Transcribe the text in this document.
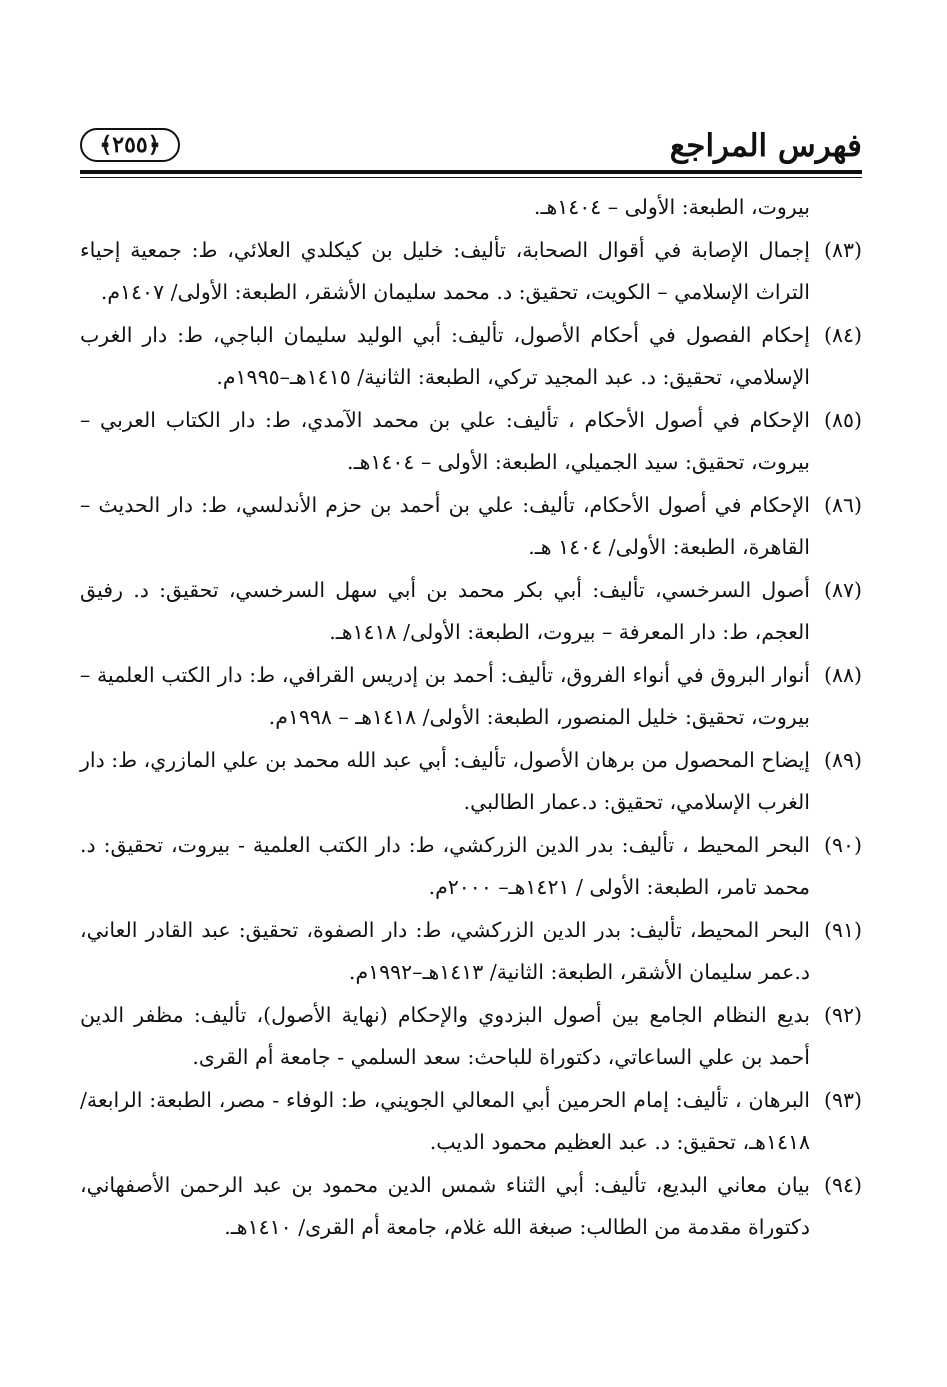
فهرس المراجع
﴿٢٥٥﴾
بيروت، الطبعة: الأولى – ١٤٠٤هـ.
(٨٣)
إجمال الإصابة في أقوال الصحابة، تأليف: خليل بن كيكلدي العلائي، ط: جمعية إحياء التراث الإسلامي – الكويت، تحقيق: د. محمد سليمان الأشقر، الطبعة: الأولى/ ١٤٠٧م.
(٨٤)
إحكام الفصول في أحكام الأصول، تأليف: أبي الوليد سليمان الباجي، ط: دار الغرب الإسلامي، تحقيق: د. عبد المجيد تركي، الطبعة: الثانية/ ١٤١٥هـ–١٩٩٥م.
(٨٥)
الإحكام في أصول الأحكام ، تأليف: علي بن محمد الآمدي، ط: دار الكتاب العربي – بيروت، تحقيق: سيد الجميلي، الطبعة: الأولى – ١٤٠٤هـ.
(٨٦)
الإحكام في أصول الأحكام، تأليف: علي بن أحمد بن حزم الأندلسي، ط: دار الحديث – القاهرة، الطبعة: الأولى/ ١٤٠٤ هـ.
(٨٧)
أصول السرخسي، تأليف: أبي بكر محمد بن أبي سهل السرخسي، تحقيق: د. رفيق العجم، ط: دار المعرفة – بيروت، الطبعة: الأولى/ ١٤١٨هـ.
(٨٨)
أنوار البروق في أنواء الفروق، تأليف: أحمد بن إدريس القرافي، ط: دار الكتب العلمية – بيروت، تحقيق: خليل المنصور، الطبعة: الأولى/ ١٤١٨هـ – ١٩٩٨م.
(٨٩)
إيضاح المحصول من برهان الأصول، تأليف: أبي عبد الله محمد بن علي المازري، ط: دار الغرب الإسلامي، تحقيق: د.عمار الطالبي.
(٩٠)
البحر المحيط ، تأليف: بدر الدين الزركشي، ط: دار الكتب العلمية - بيروت، تحقيق: د. محمد تامر، الطبعة: الأولى / ١٤٢١هـ– ٢٠٠٠م.
(٩١)
البحر المحيط، تأليف: بدر الدين الزركشي، ط: دار الصفوة، تحقيق: عبد القادر العاني، د.عمر سليمان الأشقر، الطبعة: الثانية/ ١٤١٣هـ–١٩٩٢م.
(٩٢)
بديع النظام الجامع بين أصول البزدوي والإحكام (نهاية الأصول)، تأليف: مظفر الدين أحمد بن علي الساعاتي، دكتوراة للباحث: سعد السلمي - جامعة أم القرى.
(٩٣)
البرهان ، تأليف: إمام الحرمين أبي المعالي الجويني، ط: الوفاء - مصر، الطبعة: الرابعة/ ١٤١٨هـ، تحقيق: د. عبد العظيم محمود الديب.
(٩٤)
بيان معاني البديع، تأليف: أبي الثناء شمس الدين محمود بن عبد الرحمن الأصفهاني، دكتوراة مقدمة من الطالب: صبغة الله غلام، جامعة أم القرى/ ١٤١٠هـ.
